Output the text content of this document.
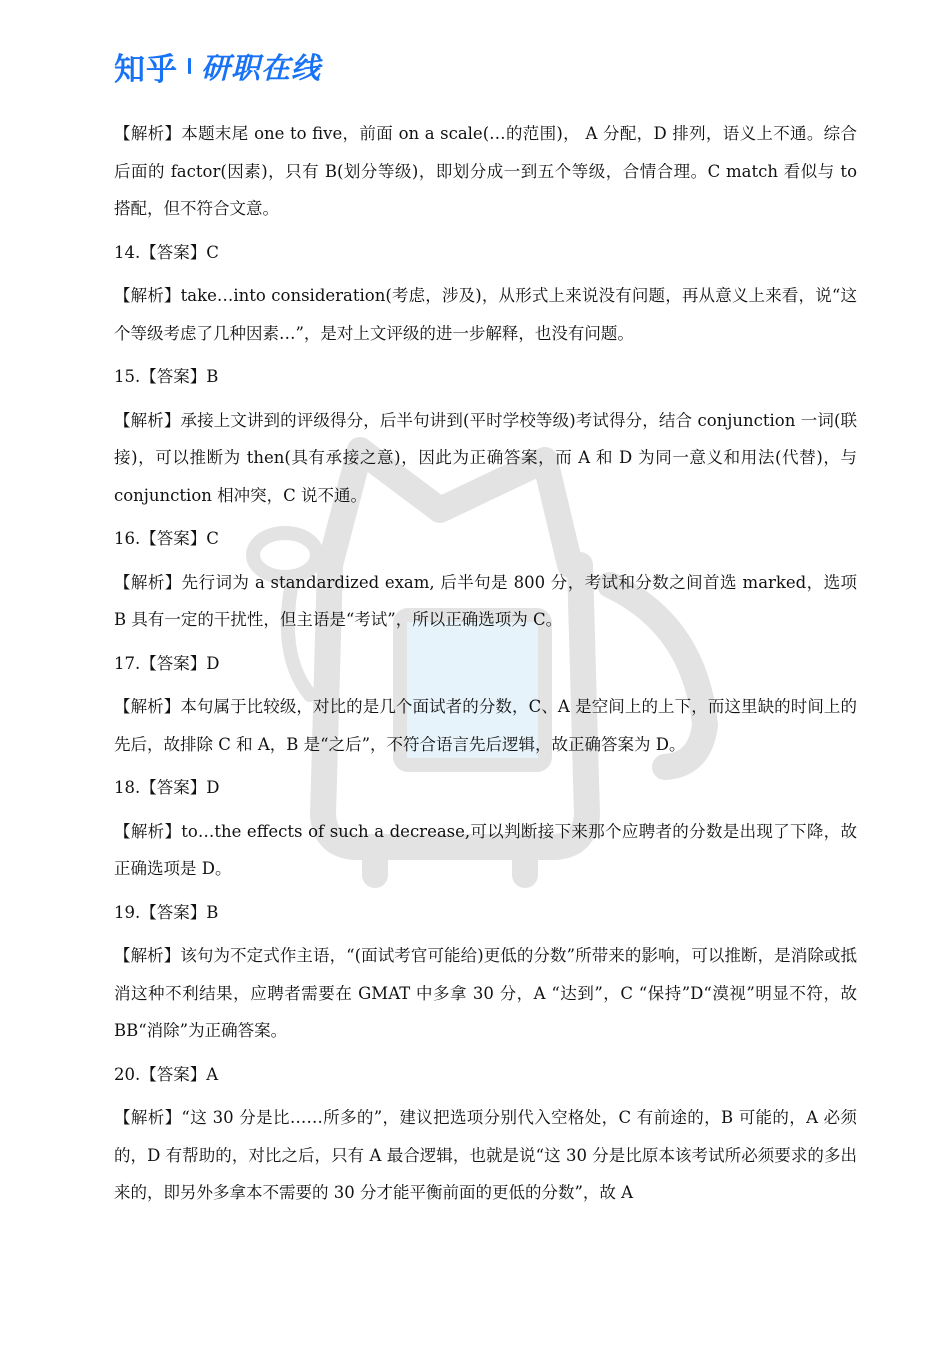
知乎 研职在线

【解析】本题末尾 one to five，前面 on a scale(…的范围)， A 分配，D 排列，语义上不通。综合后面的 factor(因素)，只有 B(划分等级)，即划分成一到五个等级，合情合理。C match 看似与 to 搭配，但不符合文意。

14.【答案】C

【解析】take…into consideration(考虑，涉及)，从形式上来说没有问题，再从意义上来看，说“这个等级考虑了几种因素…”，是对上文评级的进一步解释，也没有问题。

15.【答案】B

【解析】承接上文讲到的评级得分，后半句讲到(平时学校等级)考试得分，结合 conjunction 一词(联接)，可以推断为 then(具有承接之意)，因此为正确答案，而 A 和 D 为同一意义和用法(代替)，与 conjunction 相冲突，C 说不通。

16.【答案】C

【解析】先行词为 a standardized exam, 后半句是 800 分，考试和分数之间首选 marked，选项 B 具有一定的干扰性，但主语是“考试”，所以正确选项为 C。

17.【答案】D

【解析】本句属于比较级，对比的是几个面试者的分数，C、A 是空间上的上下，而这里缺的时间上的先后，故排除 C 和 A，B 是“之后”，不符合语言先后逻辑，故正确答案为 D。

18.【答案】D

【解析】to…the effects of such a decrease,可以判断接下来那个应聘者的分数是出现了下降，故正确选项是 D。

19.【答案】B

【解析】该句为不定式作主语，“(面试考官可能给)更低的分数”所带来的影响，可以推断，是消除或抵消这种不利结果，应聘者需要在 GMAT 中多拿 30 分，A “达到”，C “保持”D“漠视”明显不符，故 BB“消除”为正确答案。

20.【答案】A

【解析】“这 30 分是比……所多的”，建议把选项分别代入空格处，C 有前途的，B 可能的，A 必须的，D 有帮助的，对比之后，只有 A 最合逻辑，也就是说“这 30 分是比原本该考试所必须要求的多出来的，即另外多拿本不需要的 30 分才能平衡前面的更低的分数”，故 A
